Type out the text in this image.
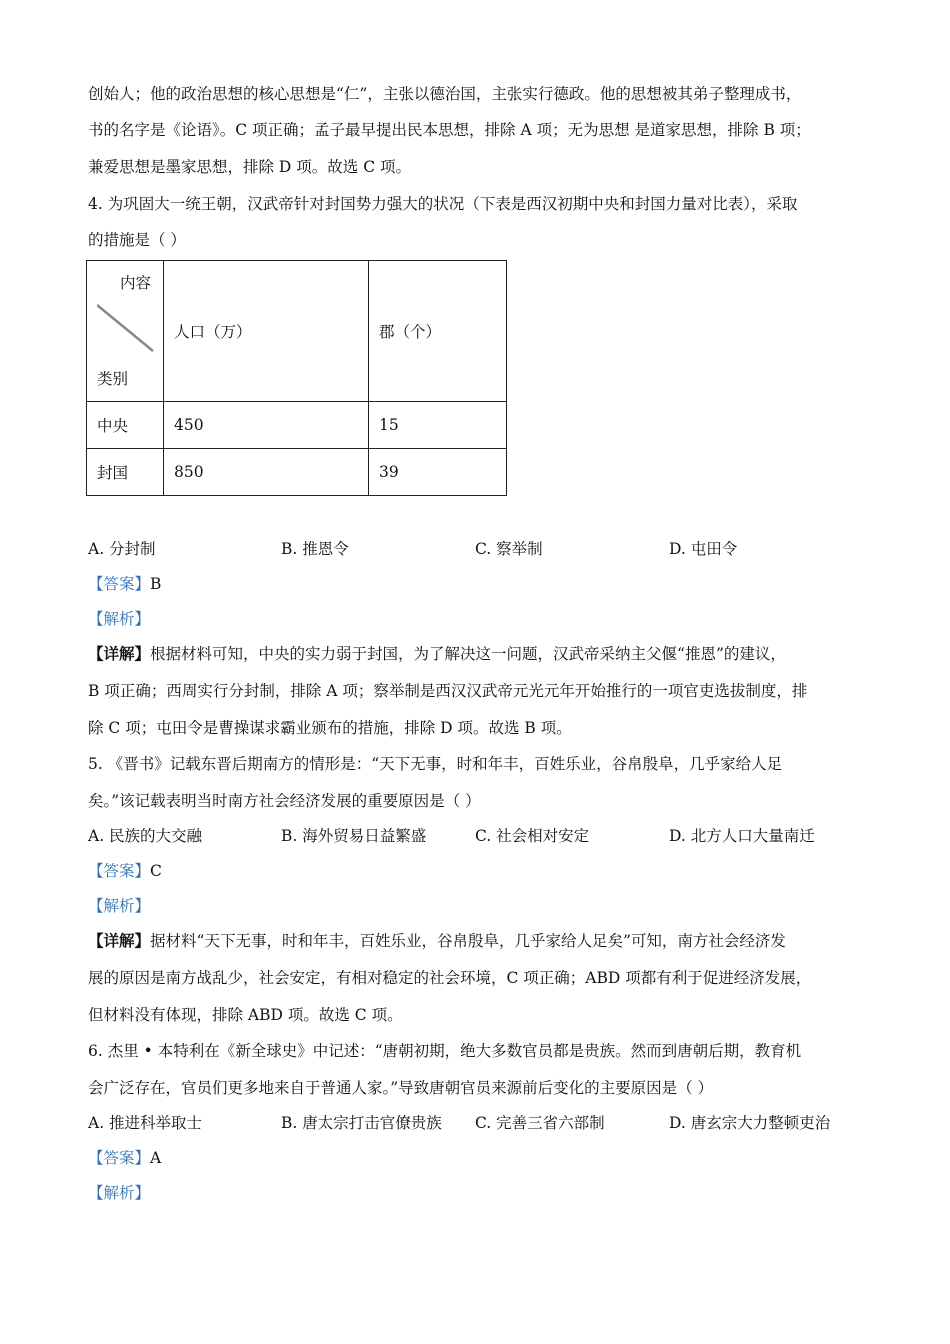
创始人；他的政治思想的核心思想是“仁”，主张以德治国，主张实行德政。他的思想被其弟子整理成书，
书的名字是《论语》。C 项正确；孟子最早提出民本思想，排除 A 项；无为思想 是道家思想，排除 B 项；
兼爱思想是墨家思想，排除 D 项。故选 C 项。
4. 为巩固大一统王朝，汉武帝针对封国势力强大的状况（下表是西汉初期中央和封国力量对比表），采取
的措施是（ ）
内容
类别	人口（万）	郡（个）
中央	450	15
封国	850	39
A. 分封制	B. 推恩令	C. 察举制	D. 屯田令
【答案】B
【解析】
【详解】根据材料可知，中央的实力弱于封国，为了解决这一问题，汉武帝采纳主父偃“推恩”的建议，
B 项正确；西周实行分封制，排除 A 项；察举制是西汉汉武帝元光元年开始推行的一项官吏选拔制度，排
除 C 项；屯田令是曹操谋求霸业颁布的措施，排除 D 项。故选 B 项。
5. 《晋书》记载东晋后期南方的情形是：“天下无事，时和年丰，百姓乐业，谷帛殷阜，几乎家给人足
矣。”该记载表明当时南方社会经济发展的重要原因是（ ）
A. 民族的大交融	B. 海外贸易日益繁盛	C. 社会相对安定	D. 北方人口大量南迁
【答案】C
【解析】
【详解】据材料“天下无事，时和年丰，百姓乐业，谷帛殷阜，几乎家给人足矣”可知，南方社会经济发
展的原因是南方战乱少，社会安定，有相对稳定的社会环境，C 项正确；ABD 项都有利于促进经济发展，
但材料没有体现，排除 ABD 项。故选 C 项。
6. 杰里 • 本特利在《新全球史》中记述：“唐朝初期，绝大多数官员都是贵族。然而到唐朝后期，教育机
会广泛存在，官员们更多地来自于普通人家。”导致唐朝官员来源前后变化的主要原因是（ ）
A. 推进科举取士	B. 唐太宗打击官僚贵族 C. 完善三省六部制	D. 唐玄宗大力整顿吏治
【答案】A
【解析】
